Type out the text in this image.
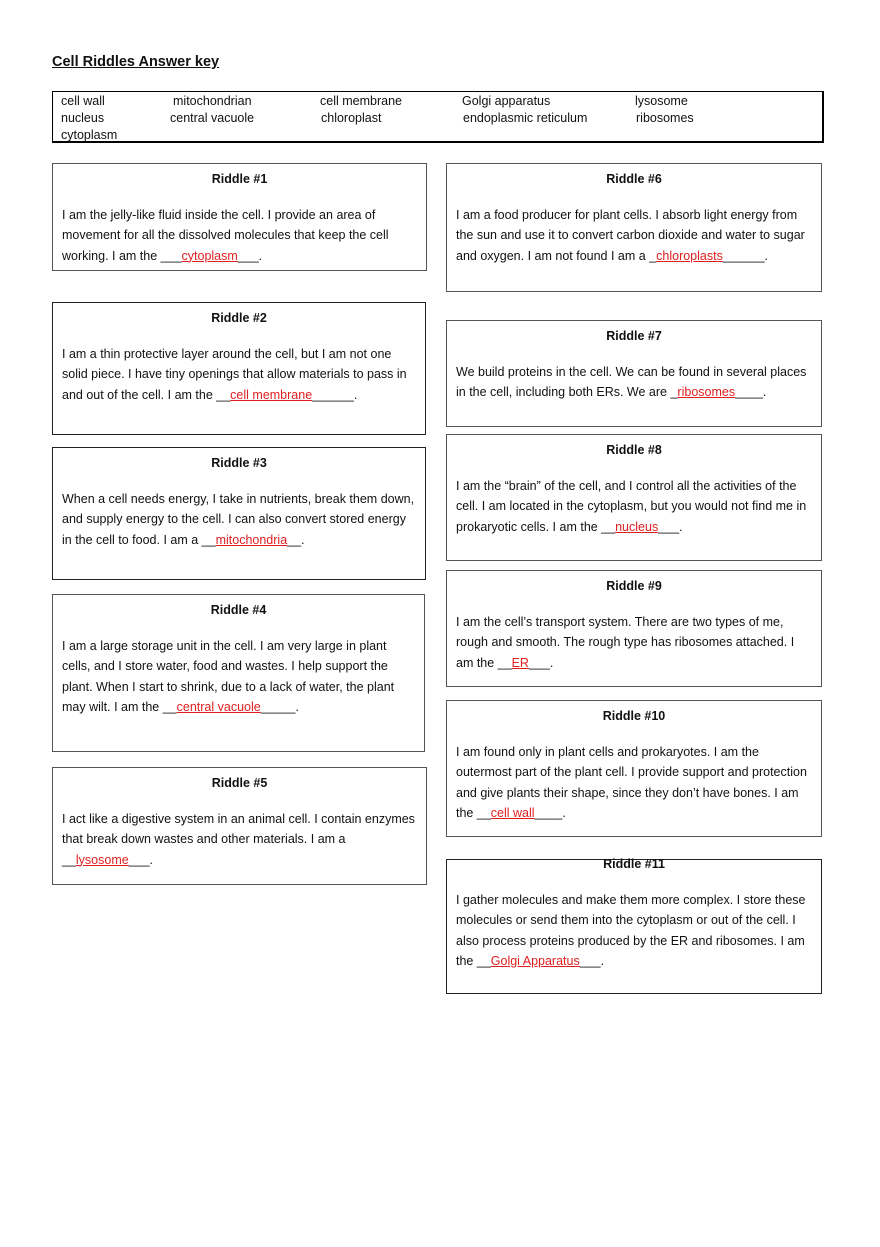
Cell Riddles Answer key
cell wall	mitochondrian	cell membrane	Golgi apparatus	lysosome
nucleus	central vacuole	chloroplast	endoplasmic reticulum	ribosomes
cytoplasm
Riddle #1
I am the jelly-like fluid inside the cell. I provide an area of movement for all the dissolved molecules that keep the cell working. I am the ___cytoplasm___.
Riddle #2
I am a thin protective layer around the cell, but I am not one solid piece. I have tiny openings that allow materials to pass in and out of the cell. I am the __cell membrane______.
Riddle #3
When a cell needs energy, I take in nutrients, break them down, and supply energy to the cell. I can also convert stored energy in the cell to food. I am a __mitochondria__.
Riddle #4
I am a large storage unit in the cell. I am very large in plant cells, and I store water, food and wastes. I help support the plant. When I start to shrink, due to a lack of water, the plant may wilt. I am the __central vacuole_____.
Riddle #5
I act like a digestive system in an animal cell. I contain enzymes that break down wastes and other materials. I am a __lysosome___.
Riddle #6
I am a food producer for plant cells. I absorb light energy from the sun and use it to convert carbon dioxide and water to sugar and oxygen. I am not found I am a _chloroplasts______.
Riddle #7
We build proteins in the cell. We can be found in several places in the cell, including both ERs. We are _ribosomes____.
Riddle #8
I am the “brain” of the cell, and I control all the activities of the cell. I am located in the cytoplasm, but you would not find me in prokaryotic cells. I am the __nucleus___.
Riddle #9
I am the cell’s transport system. There are two types of me, rough and smooth. The rough type has ribosomes attached. I am the __ER___.
Riddle #10
I am found only in plant cells and prokaryotes. I am the outermost part of the plant cell. I provide support and protection and give plants their shape, since they don’t have bones. I am the __cell wall____.
Riddle #11
I gather molecules and make them more complex. I store these molecules or send them into the cytoplasm or out of the cell. I also process proteins produced by the ER and ribosomes. I am the __Golgi Apparatus___.
